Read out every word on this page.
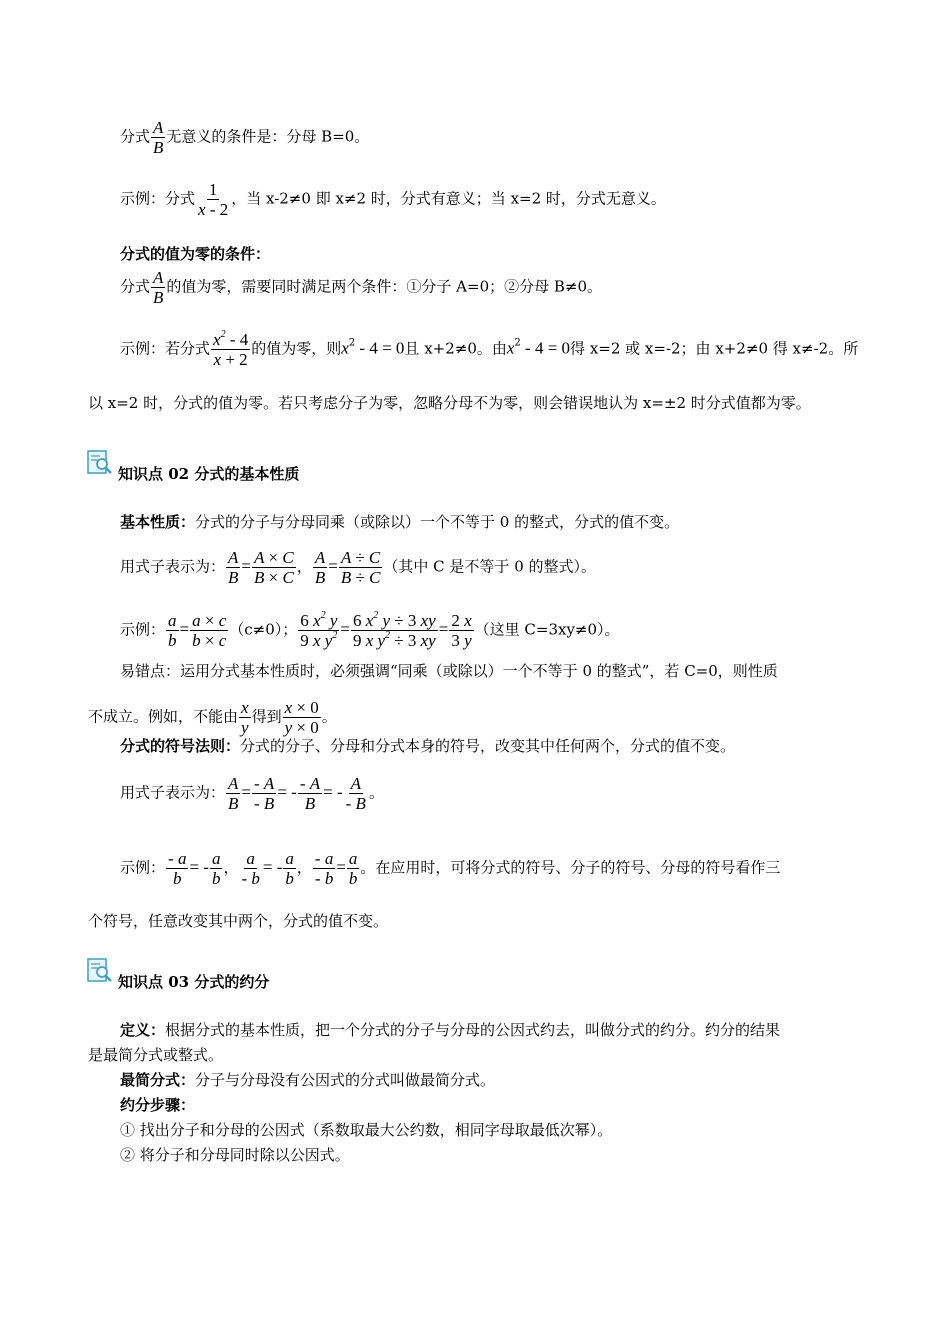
分式 $\frac{A}{B}$ 无意义的条件是：分母 B=0。
示例：分式 $\frac{1}{x - 2}$ ，当 x-2≠0 即 x≠2 时，分式有意义；当 x=2 时，分式无意义。
分式的值为零的条件：
分式 $\frac{A}{B}$ 的值为零，需要同时满足两个条件：①分子 A=0；②分母 B≠0。
示例：若分式 $\frac{x^2 - 4}{x + 2}$ 的值为零，则$x^2 - 4 = 0$且 x+2≠0。由$x^2 - 4 = 0$得 x=2 或 x=-2；由 x+2≠0 得 x≠-2。所
以 x=2 时，分式的值为零。若只考虑分子为零，忽略分母不为零，则会错误地认为 x=±2 时分式值都为零。
知识点 02 分式的基本性质
基本性质：分式的分子与分母同乘（或除以）一个不等于 0 的整式，分式的值不变。
用式子表示为： $\frac{A}{B} = \frac{A \times C}{B \times C}$ ， $\frac{A}{B} = \frac{A \div C}{B \div C}$ （其中 C 是不等于 0 的整式）。
示例： $\frac{a}{b} = \frac{a \times c}{b \times c} (c\ne 0)$； $\frac{6 x^2 y}{9 x y^2} = \frac{6 x^2 y \div 3 xy}{9 x y^2 \div 3 xy} = \frac{2 x}{3 y}$ （这里 C=3xy≠0）。
易错点：运用分式基本性质时，必须强调“同乘（或除以）一个不等于 0 的整式”，若 C=0，则性质
不成立。例如，不能由 $\frac{x}{y}$ 得到 $\frac{x \times 0}{y \times 0}$ 。
分式的符号法则：分式的分子、分母和分式本身的符号，改变其中任何两个，分式的值不变。
用式子表示为： $\frac{A}{B} = \frac{- A}{- B}$ = - $\frac{- A}{B}$ = - $\frac{A}{- B}$ 。
示例： $\frac{- a}{b}$ = - $\frac{a}{b}$ ， $\frac{a}{- b}$ = - $\frac{a}{b}$ ， $\frac{- a}{- b} = \frac{a}{b}$ 。在应用时，可将分式的符号、分子的符号、分母的符号看作三
个符号，任意改变其中两个，分式的值不变。
知识点 03 分式的约分
定义：根据分式的基本性质，把一个分式的分子与分母的公因式约去，叫做分式的约分。约分的结果
是最简分式或整式。
最简分式：分子与分母没有公因式的分式叫做最简分式。
约分步骤：
① 找出分子和分母的公因式（系数取最大公约数，相同字母取最低次幂）。
② 将分子和分母同时除以公因式。
